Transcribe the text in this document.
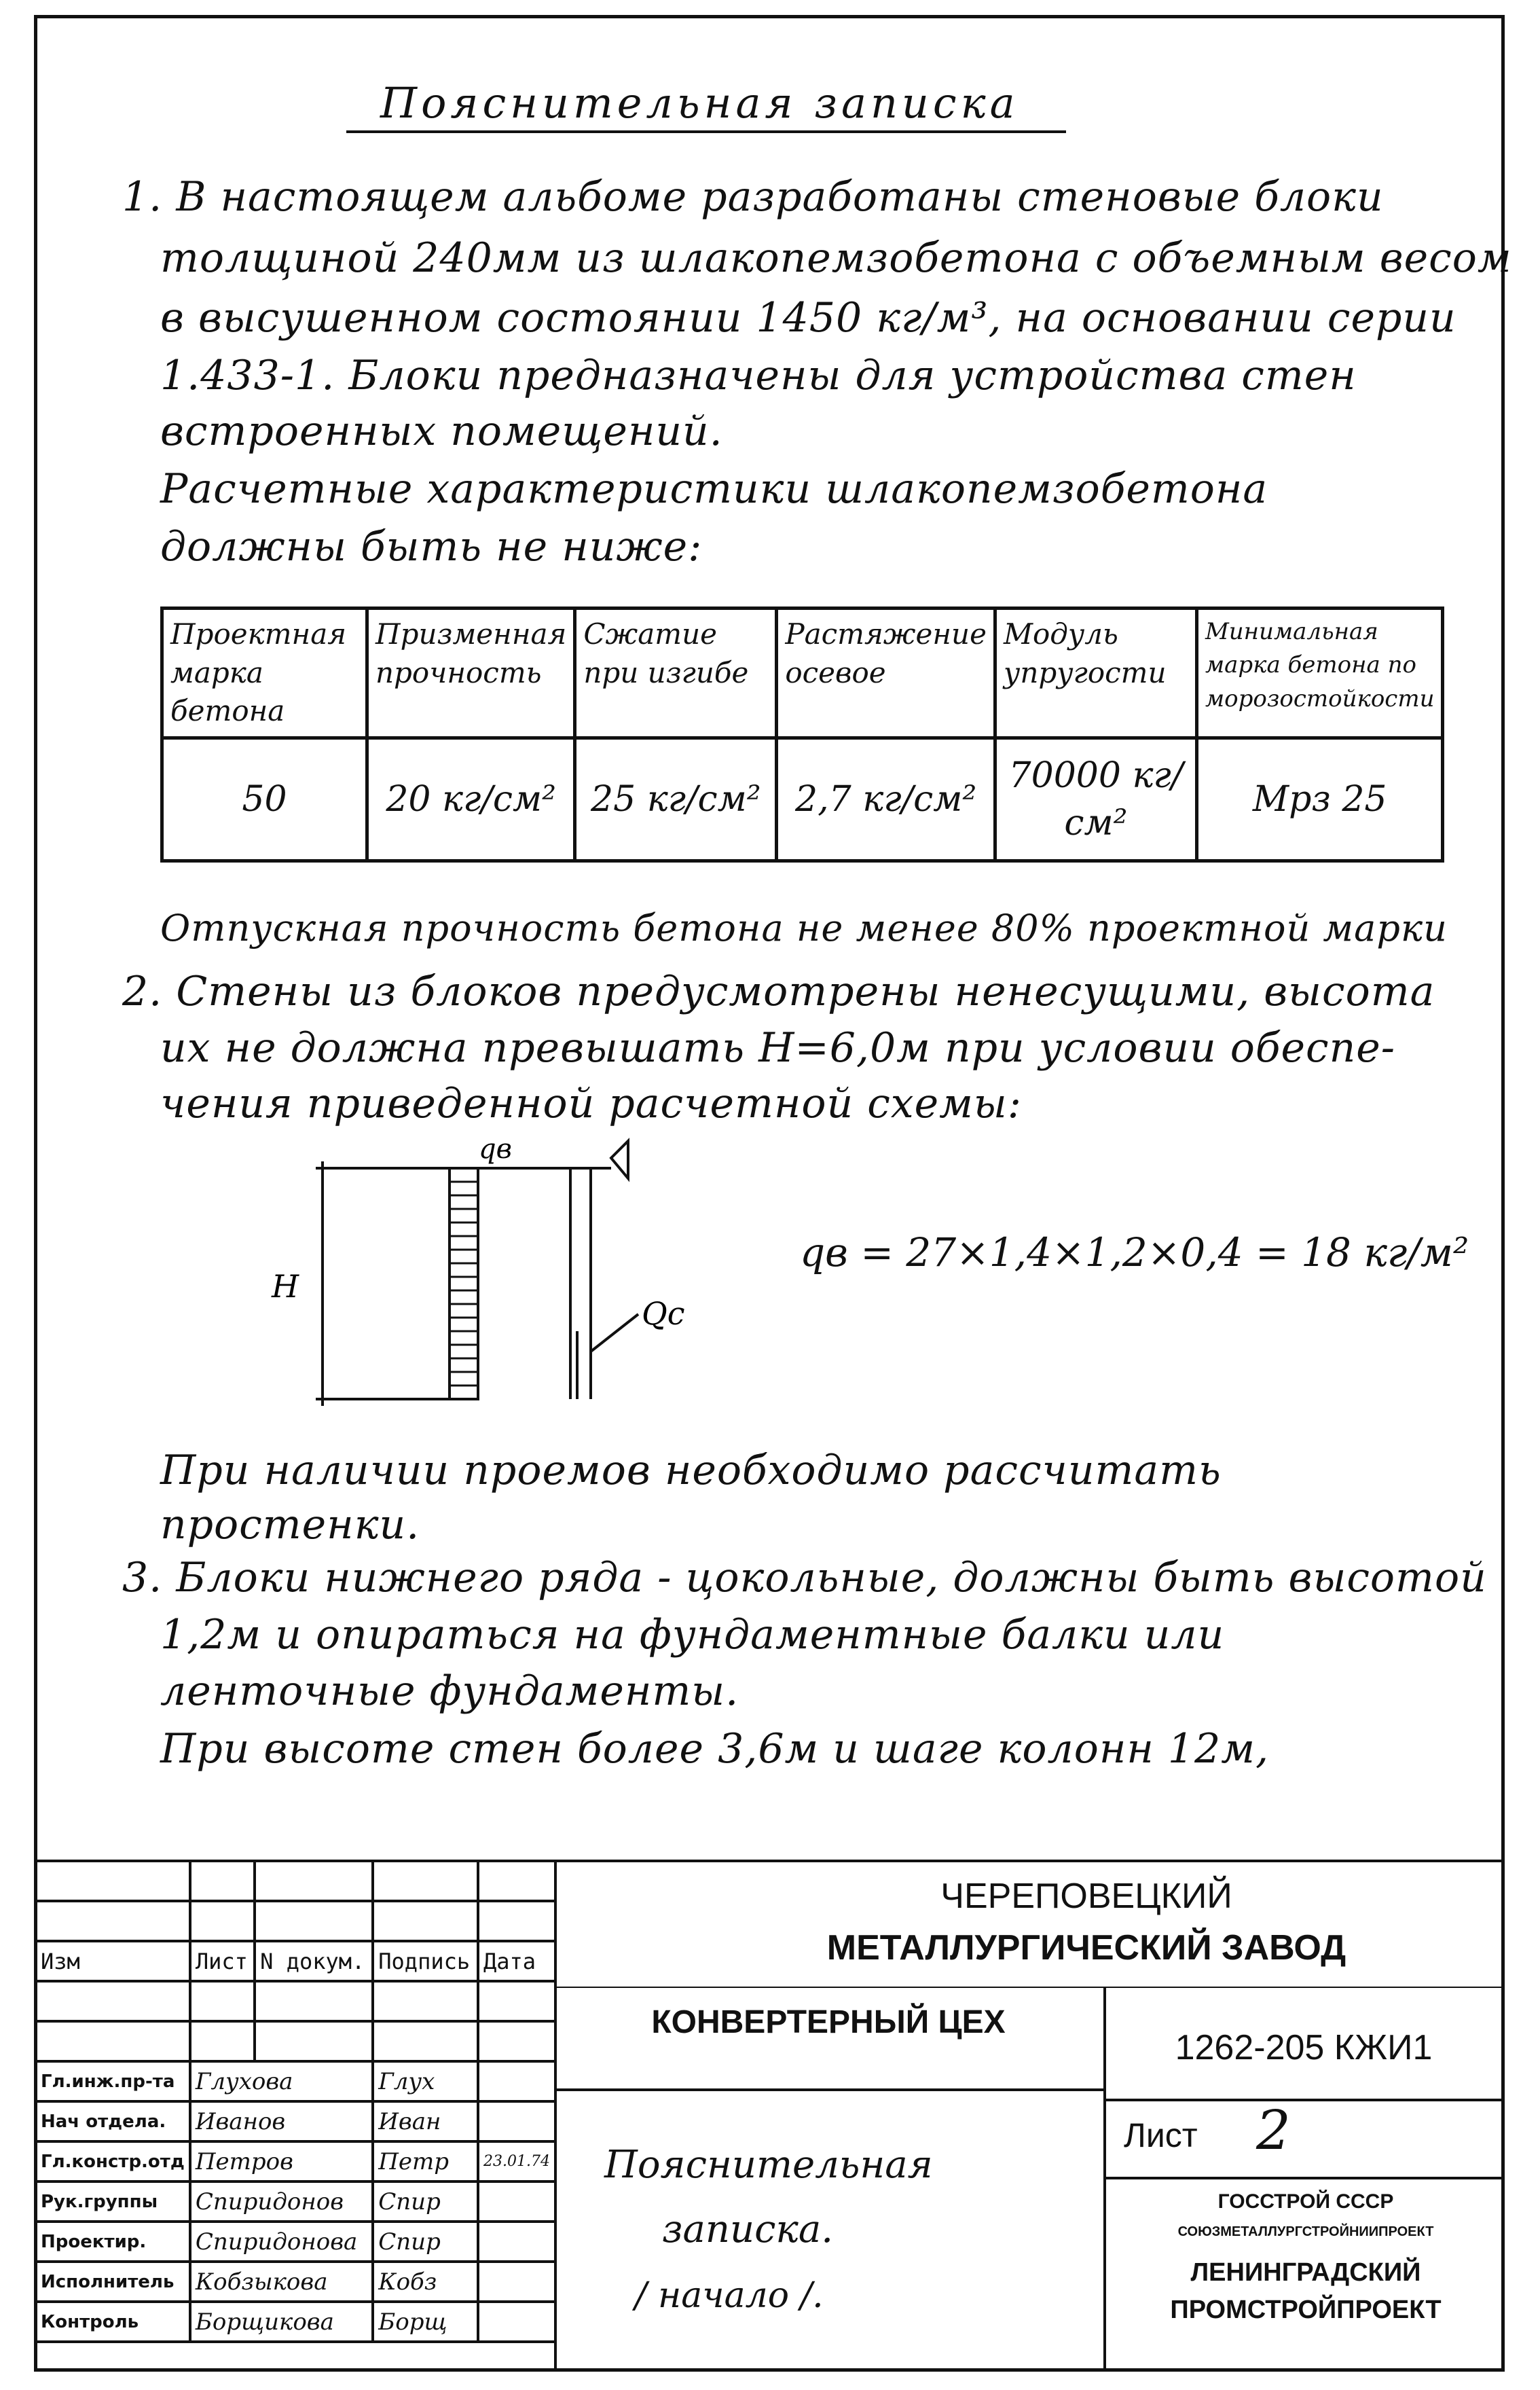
Пояснительная записка
1. В настоящем альбоме разработаны стеновые блоки
толщиной 240мм из шлакопемзобетона с объемным весом
в высушенном состоянии 1450 кг/м³, на основании серии
1.433-1. Блоки предназначены для устройства стен
встроенных помещений.
Расчетные характеристики шлакопемзобетона
должны быть не ниже:
Проектная марка бетона	Призменная прочность	Сжатие при изгибе	Растяжение осевое	Модуль упругости	Минимальная марка бетона по морозостойкости
50	20 кг/см²	25 кг/см²	2,7 кг/см²	70000 кг/см²	Мрз 25
Отпускная прочность бетона не менее 80% проектной марки
2. Стены из блоков предусмотрены ненесущими, высота
их не должна превышать H=6,0м при условии обеспе-
чения приведенной расчетной схемы:
H
qв
Qc
qв = 27×1,4×1,2×0,4 = 18 кг/м²
При наличии проемов необходимо рассчитать
простенки.
3. Блоки нижнего ряда - цокольные, должны быть высотой
1,2м и опираться на фундаментные балки или
ленточные фундаменты.
При высоте стен более 3,6м и шаге колонн 12м,

Изм	Лист	N докум.	Подпись	Дата

Гл.инж.пр-та	Глухова		Глух	
Нач отдела.	Иванов		Иван	
Гл.констр.отд	Петров		Петр	23.01.74
Рук.группы	Спиридонов		Спир	
Проектир.	Спиридонова		Спир	
Исполнитель	Кобзыкова		Кобз	
Контроль	Борщикова		Борщ	
ЧЕРЕПОВЕЦКИЙ
МЕТАЛЛУРГИЧЕСКИЙ ЗАВОД
КОНВЕРТЕРНЫЙ ЦЕХ
1262-205 КЖИ1
Пояснительная
записка.
/ начало /.
Лист 2
ГОССТРОЙ СССР
СОЮЗМЕТАЛЛУРГСТРОЙНИИПРОЕКТ
ЛЕНИНГРАДСКИЙ
ПРОМСТРОЙПРОЕКТ
